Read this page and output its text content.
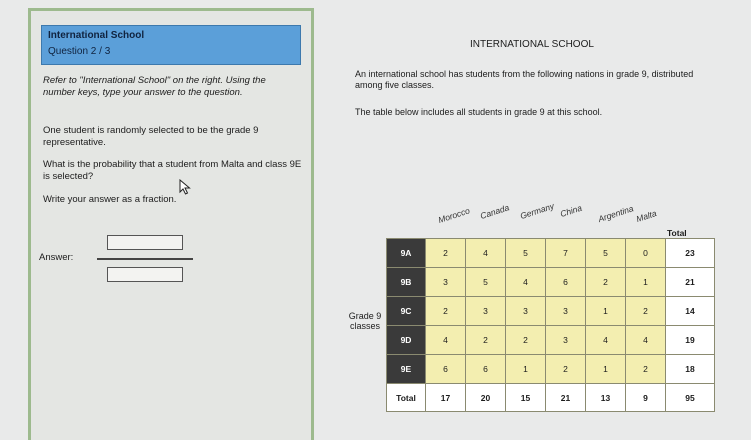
International School
Question 2 / 3
Refer to "International School" on the right. Using the number keys, type your answer to the question.
One student is randomly selected to be the grade 9 representative.
What is the probability that a student from Malta and class 9E is selected?
Write your answer as a fraction.
Answer:
INTERNATIONAL SCHOOL
An international school has students from the following nations in grade 9, distributed among five classes.
The table below includes all students in grade 9 at this school.
Morocco Canada Germany China Argentina Malta
Total
Grade 9 classes
9A	2	4	5	7	5	0	23
9B	3	5	4	6	2	1	21
9C	2	3	3	3	1	2	14
9D	4	2	2	3	4	4	19
9E	6	6	1	2	1	2	18
Total	17	20	15	21	13	9	95
